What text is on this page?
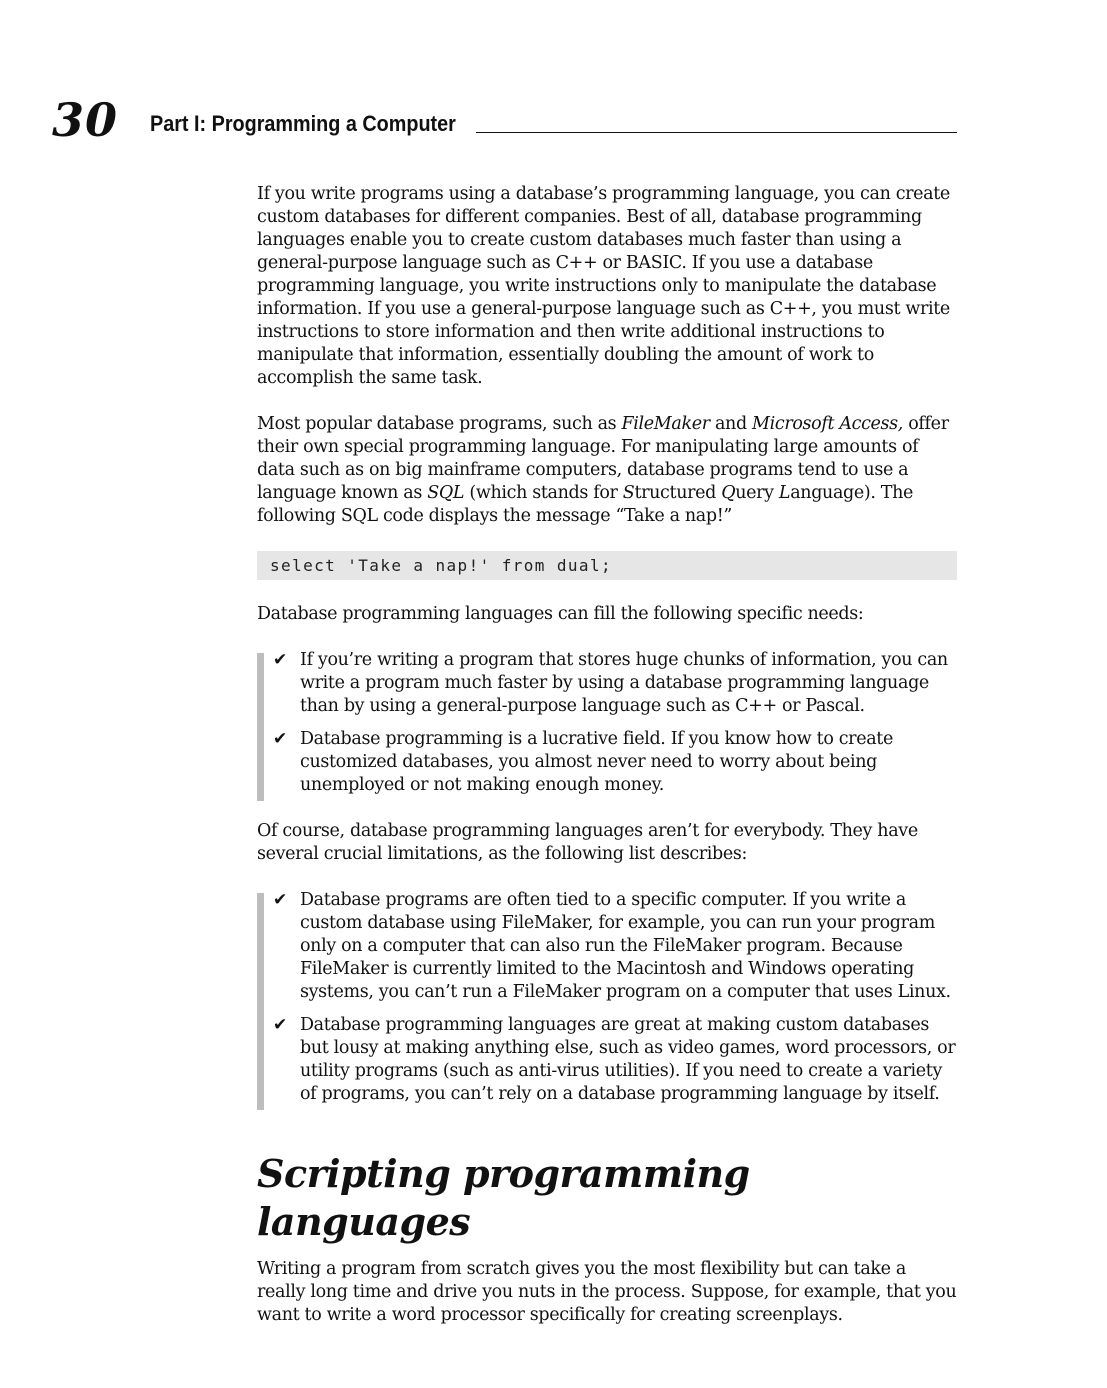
30 Part I: Programming a Computer

If you write programs using a database’s programming language, you can create custom databases for different companies. Best of all, database programming languages enable you to create custom databases much faster than using a general-purpose language such as C++ or BASIC. If you use a database programming language, you write instructions only to manipulate the database information. If you use a general-purpose language such as C++, you must write instructions to store information and then write additional instructions to manipulate that information, essentially doubling the amount of work to accomplish the same task.

Most popular database programs, such as FileMaker and Microsoft Access, offer their own special programming language. For manipulating large amounts of data such as on big mainframe computers, database programs tend to use a language known as SQL (which stands for Structured Query Language). The following SQL code displays the message “Take a nap!”

select 'Take a nap!' from dual;

Database programming languages can fill the following specific needs:

✔ If you’re writing a program that stores huge chunks of information, you can write a program much faster by using a database programming language than by using a general-purpose language such as C++ or Pascal.
✔ Database programming is a lucrative field. If you know how to create customized databases, you almost never need to worry about being unemployed or not making enough money.

Of course, database programming languages aren’t for everybody. They have several crucial limitations, as the following list describes:

✔ Database programs are often tied to a specific computer. If you write a custom database using FileMaker, for example, you can run your program only on a computer that can also run the FileMaker program. Because FileMaker is currently limited to the Macintosh and Windows operating systems, you can’t run a FileMaker program on a computer that uses Linux.
✔ Database programming languages are great at making custom databases but lousy at making anything else, such as video games, word processors, or utility programs (such as anti-virus utilities). If you need to create a variety of programs, you can’t rely on a database programming language by itself.
Scripting programming languages

Writing a program from scratch gives you the most flexibility but can take a really long time and drive you nuts in the process. Suppose, for example, that you want to write a word processor specifically for creating screenplays.
